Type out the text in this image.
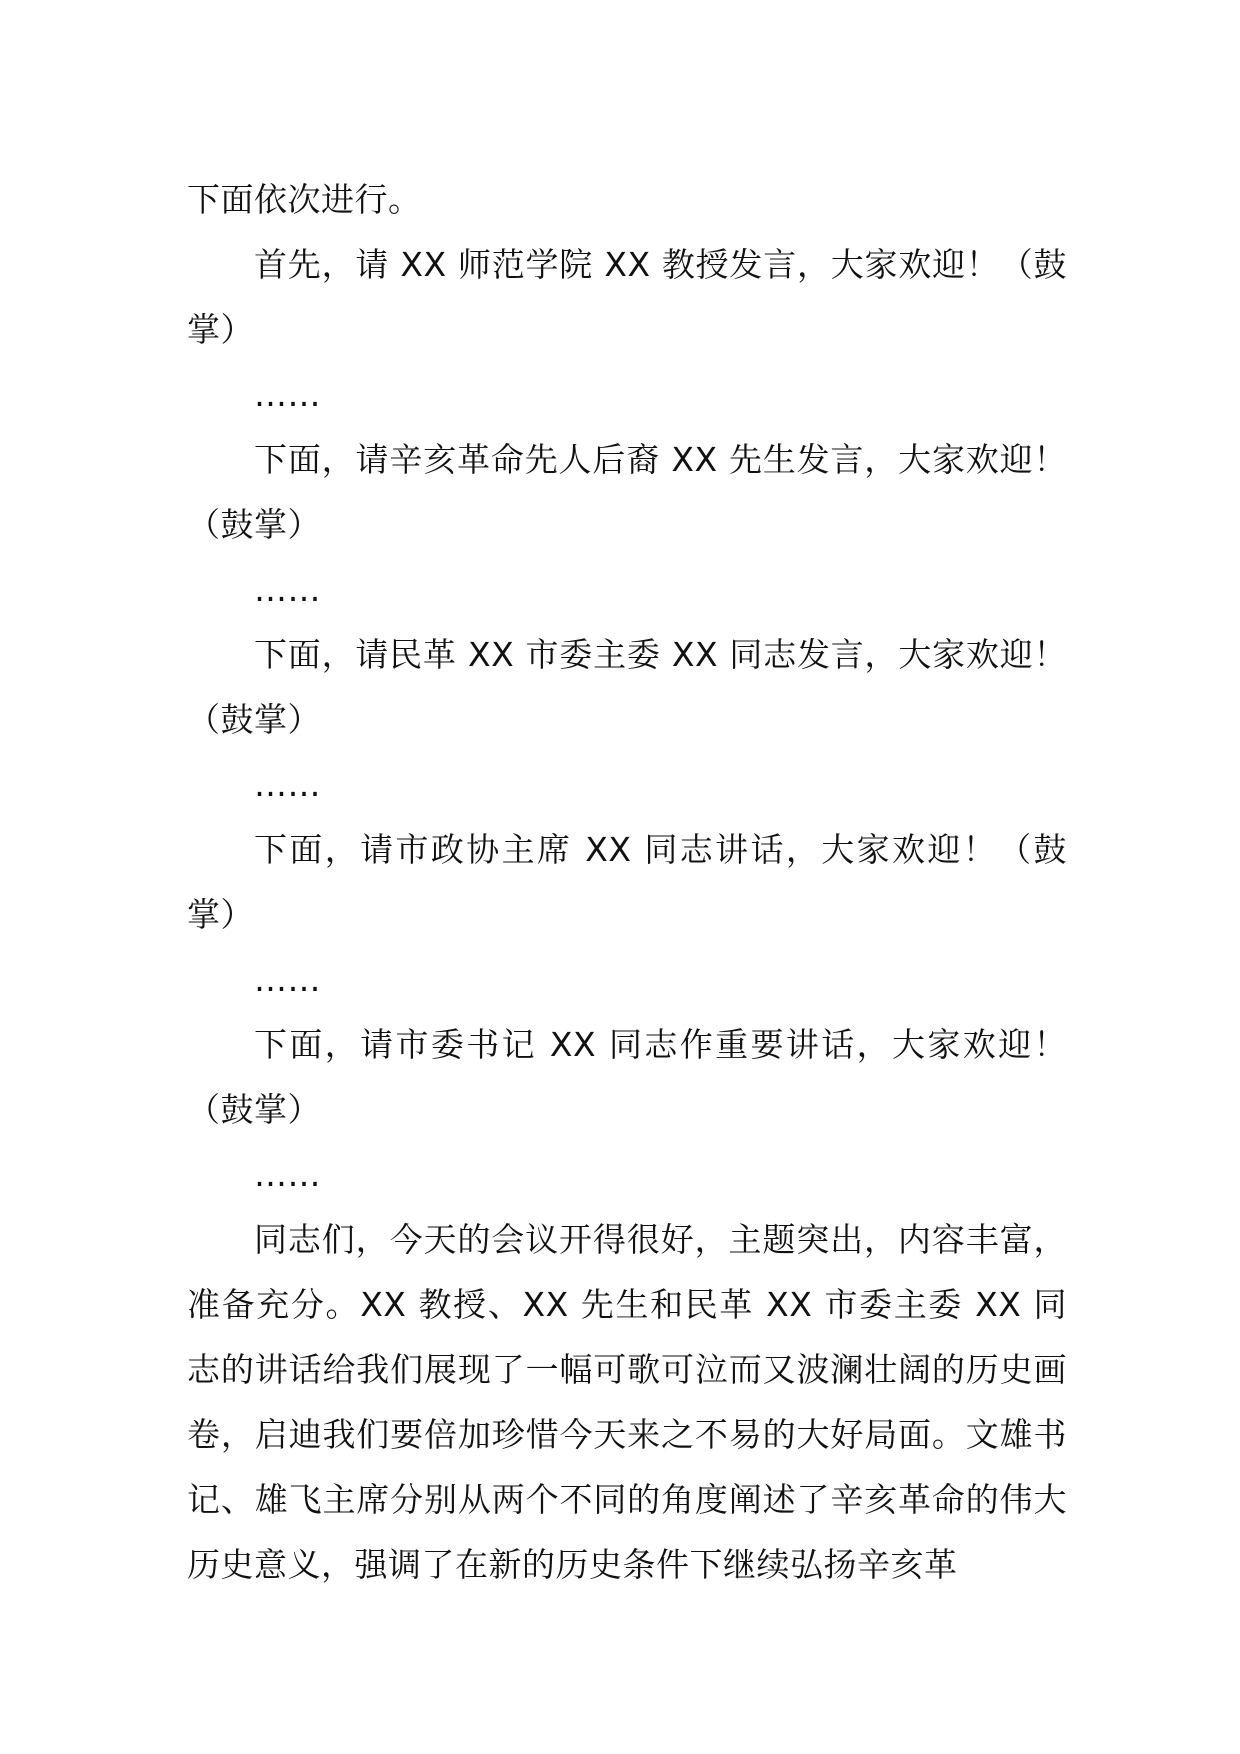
下面依次进行。

首先，请 XX 师范学院 XX 教授发言，大家欢迎！（鼓掌）

……

下面，请辛亥革命先人后裔 XX 先生发言，大家欢迎！（鼓掌）

……

下面，请民革 XX 市委主委 XX 同志发言，大家欢迎！（鼓掌）

……

下面，请市政协主席 XX 同志讲话，大家欢迎！（鼓掌）

……

下面，请市委书记 XX 同志作重要讲话，大家欢迎！（鼓掌）

……

同志们，今天的会议开得很好，主题突出，内容丰富，准备充分。XX 教授、XX 先生和民革 XX 市委主委 XX 同志的讲话给我们展现了一幅可歌可泣而又波澜壮阔的历史画卷，启迪我们要倍加珍惜今天来之不易的大好局面。文雄书记、雄飞主席分别从两个不同的角度阐述了辛亥革命的伟大历史意义，强调了在新的历史条件下继续弘扬辛亥革
